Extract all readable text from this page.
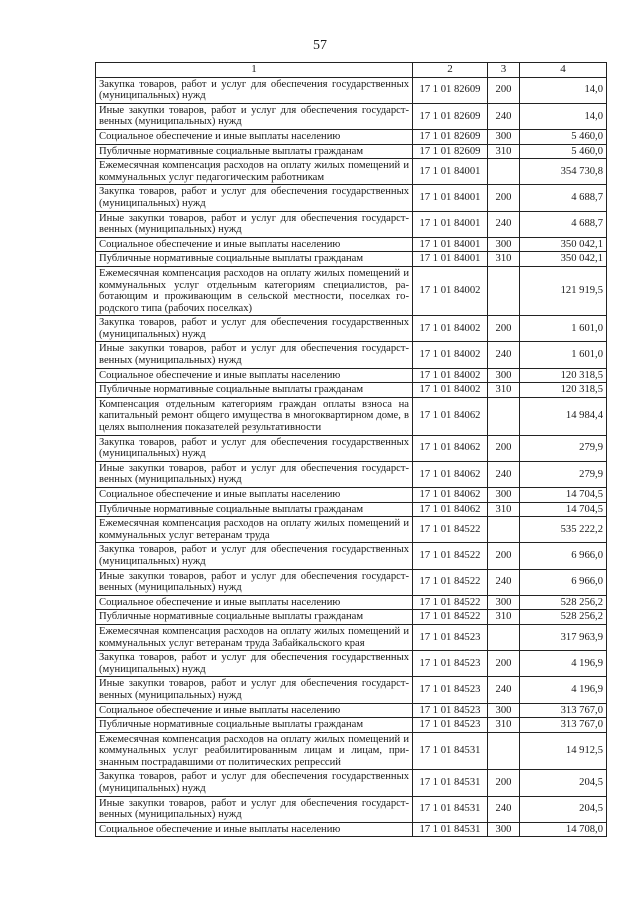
57
1	2	3	4
Закупка товаров, работ и услуг для обеспечения государственных (муниципальных) нужд	17 1 01 82609	200	14,0
Иные закупки товаров, работ и услуг для обеспечения государст-венных (муниципальных) нужд	17 1 01 82609	240	14,0
Социальное обеспечение и иные выплаты населению	17 1 01 82609	300	5 460,0
Публичные нормативные социальные выплаты гражданам	17 1 01 82609	310	5 460,0
Ежемесячная компенсация расходов на оплату жилых помещений и коммунальных услуг педагогическим работникам	17 1 01 84001		354 730,8
Закупка товаров, работ и услуг для обеспечения государственных (муниципальных) нужд	17 1 01 84001	200	4 688,7
Иные закупки товаров, работ и услуг для обеспечения государст-венных (муниципальных) нужд	17 1 01 84001	240	4 688,7
Социальное обеспечение и иные выплаты населению	17 1 01 84001	300	350 042,1
Публичные нормативные социальные выплаты гражданам	17 1 01 84001	310	350 042,1
Ежемесячная компенсация расходов на оплату жилых помещений и коммунальных услуг отдельным категориям специалистов, ра-ботающим и проживающим в сельской местности, поселках го-родского типа (рабочих поселках)	17 1 01 84002		121 919,5
Закупка товаров, работ и услуг для обеспечения государственных (муниципальных) нужд	17 1 01 84002	200	1 601,0
Иные закупки товаров, работ и услуг для обеспечения государст-венных (муниципальных) нужд	17 1 01 84002	240	1 601,0
Социальное обеспечение и иные выплаты населению	17 1 01 84002	300	120 318,5
Публичные нормативные социальные выплаты гражданам	17 1 01 84002	310	120 318,5
Компенсация отдельным категориям граждан оплаты взноса на капитальный ремонт общего имущества в многоквартирном доме, в целях выполнения показателей результативности	17 1 01 84062		14 984,4
Закупка товаров, работ и услуг для обеспечения государственных (муниципальных) нужд	17 1 01 84062	200	279,9
Иные закупки товаров, работ и услуг для обеспечения государст-венных (муниципальных) нужд	17 1 01 84062	240	279,9
Социальное обеспечение и иные выплаты населению	17 1 01 84062	300	14 704,5
Публичные нормативные социальные выплаты гражданам	17 1 01 84062	310	14 704,5
Ежемесячная компенсация расходов на оплату жилых помещений и коммунальных услуг ветеранам труда	17 1 01 84522		535 222,2
Закупка товаров, работ и услуг для обеспечения государственных (муниципальных) нужд	17 1 01 84522	200	6 966,0
Иные закупки товаров, работ и услуг для обеспечения государст-венных (муниципальных) нужд	17 1 01 84522	240	6 966,0
Социальное обеспечение и иные выплаты населению	17 1 01 84522	300	528 256,2
Публичные нормативные социальные выплаты гражданам	17 1 01 84522	310	528 256,2
Ежемесячная компенсация расходов на оплату жилых помещений и коммунальных услуг ветеранам труда Забайкальского края	17 1 01 84523		317 963,9
Закупка товаров, работ и услуг для обеспечения государственных (муниципальных) нужд	17 1 01 84523	200	4 196,9
Иные закупки товаров, работ и услуг для обеспечения государст-венных (муниципальных) нужд	17 1 01 84523	240	4 196,9
Социальное обеспечение и иные выплаты населению	17 1 01 84523	300	313 767,0
Публичные нормативные социальные выплаты гражданам	17 1 01 84523	310	313 767,0
Ежемесячная компенсация расходов на оплату жилых помещений и коммунальных услуг реабилитированным лицам и лицам, при-знанным пострадавшими от политических репрессий	17 1 01 84531		14 912,5
Закупка товаров, работ и услуг для обеспечения государственных (муниципальных) нужд	17 1 01 84531	200	204,5
Иные закупки товаров, работ и услуг для обеспечения государст-венных (муниципальных) нужд	17 1 01 84531	240	204,5
Социальное обеспечение и иные выплаты населению	17 1 01 84531	300	14 708,0
